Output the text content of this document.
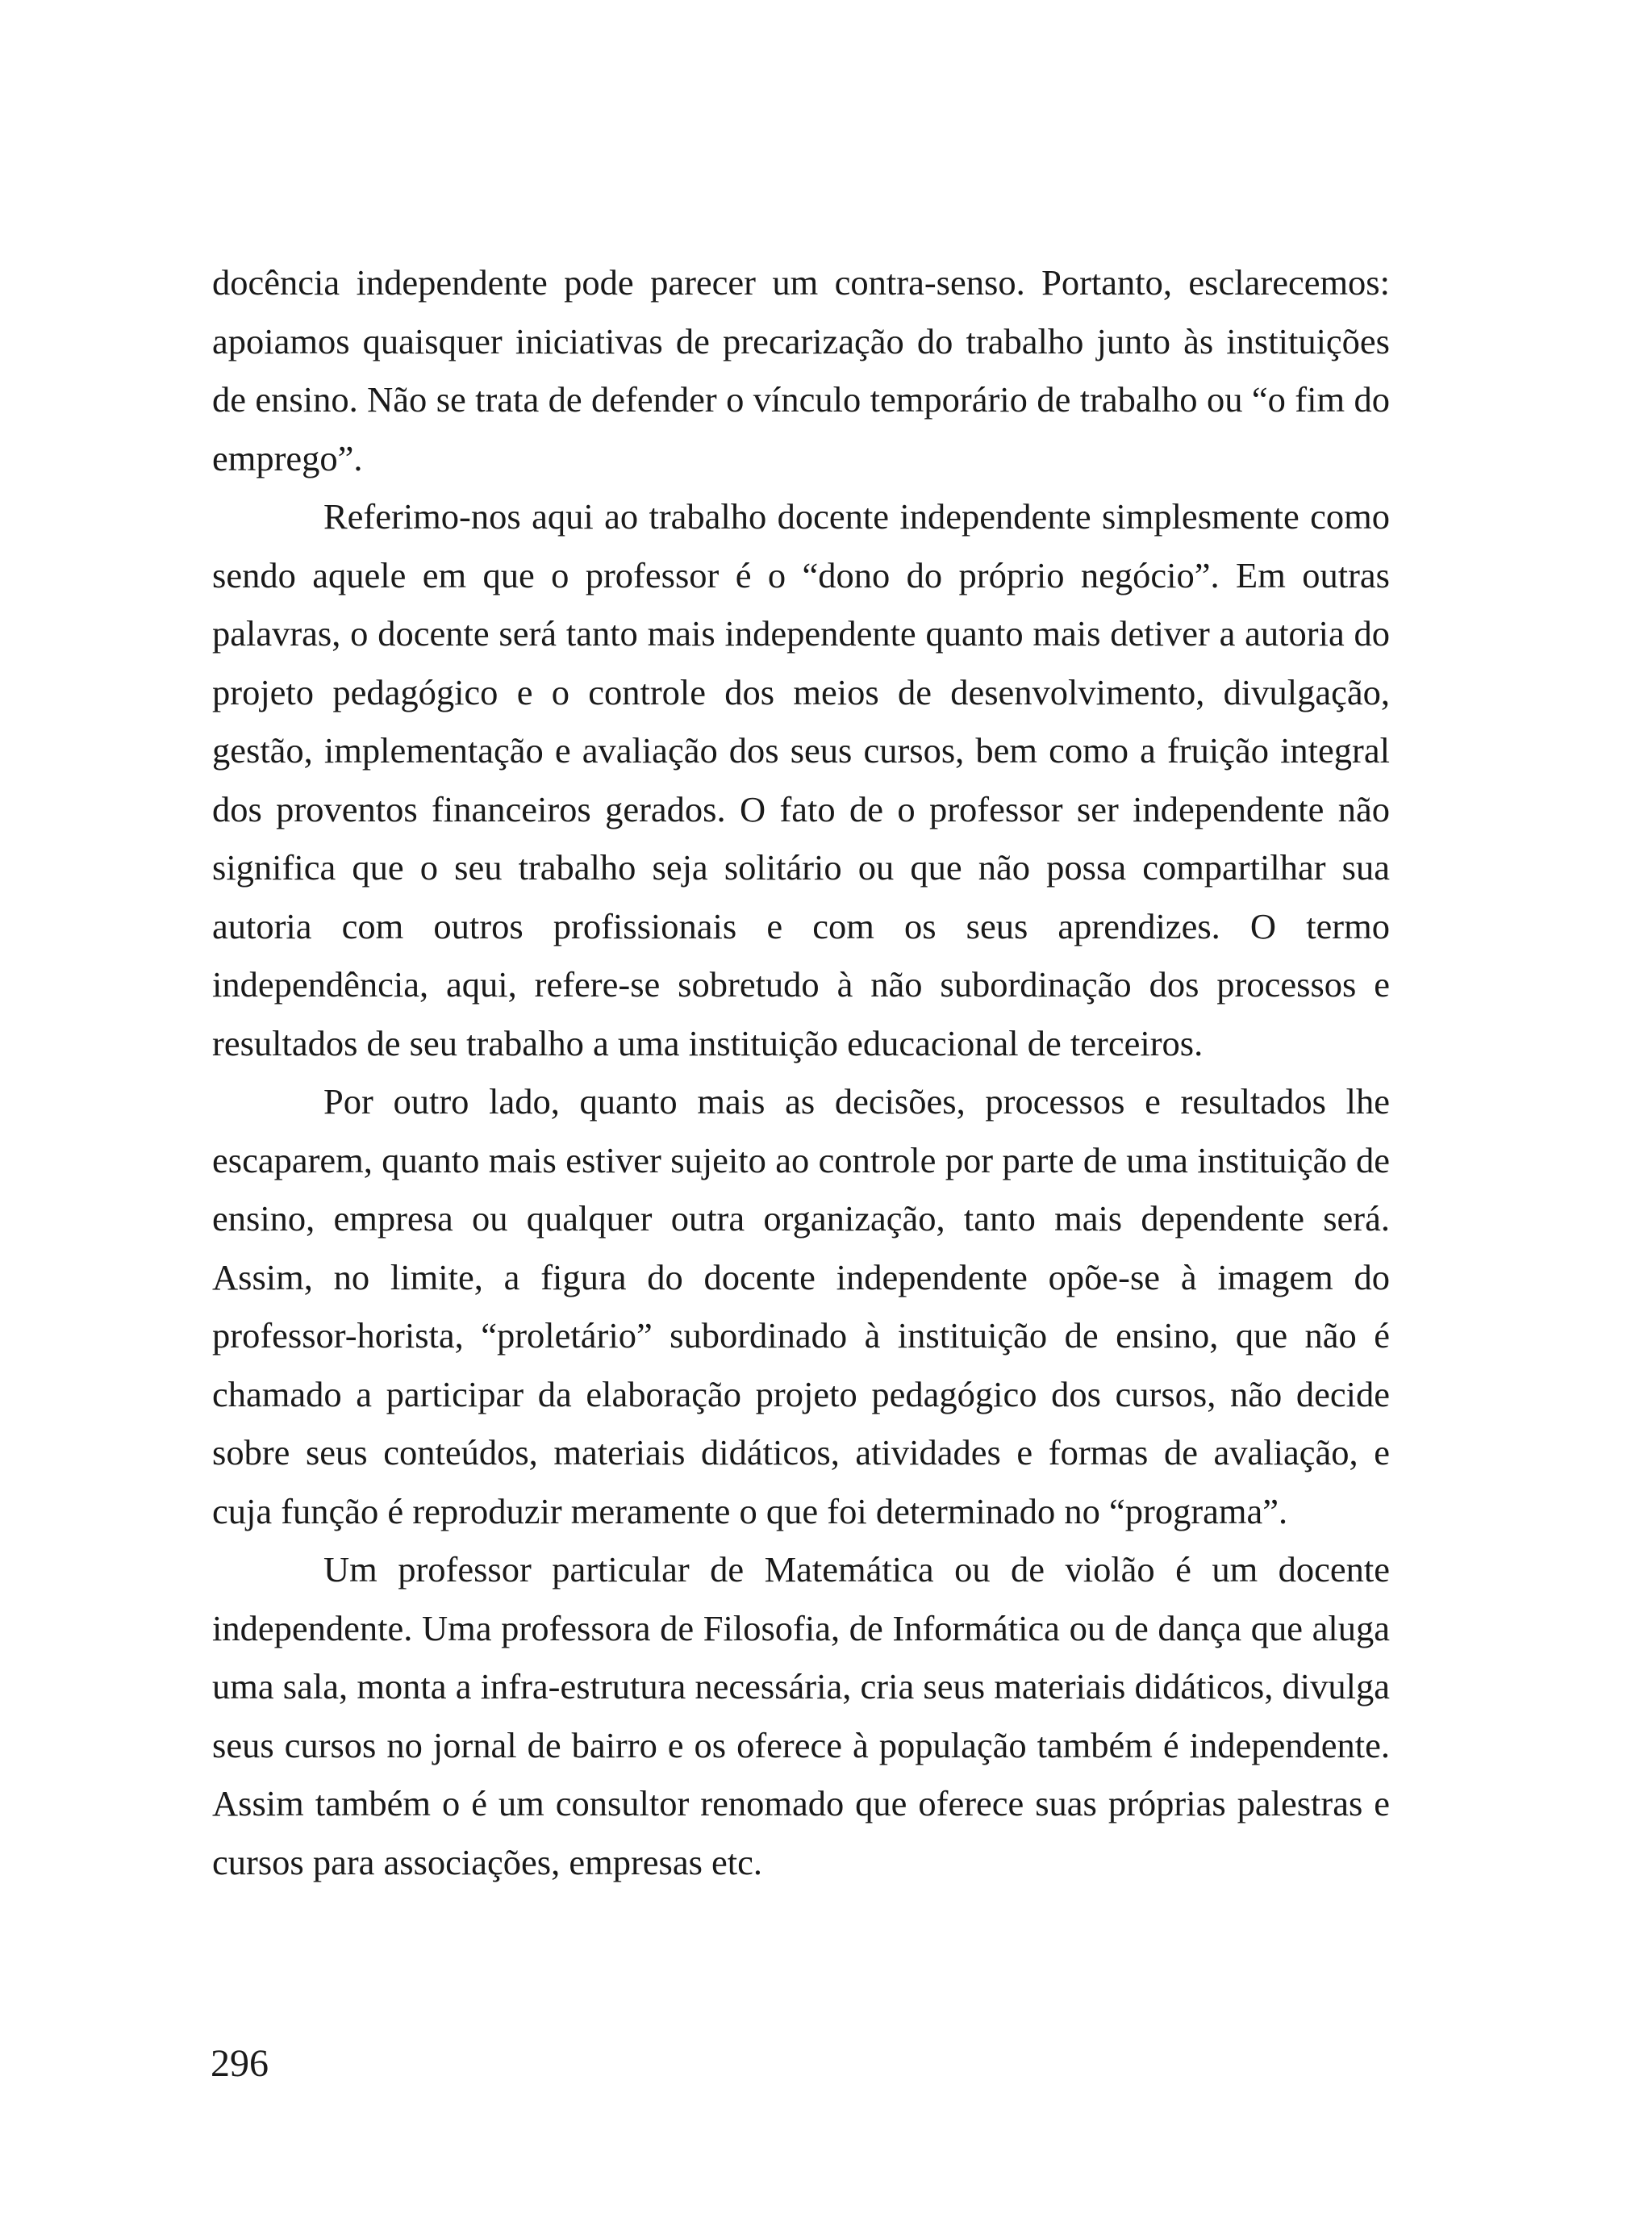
docência independente pode parecer um contra-senso. Portanto, esclarecemos: apoiamos quaisquer iniciativas de precarização do trabalho junto às instituições de ensino. Não se trata de defender o vínculo temporário de trabalho ou “o fim do emprego”.

Referimo-nos aqui ao trabalho docente independente simplesmente como sendo aquele em que o professor é o “dono do próprio negócio”. Em outras palavras, o docente será tanto mais independente quanto mais detiver a autoria do projeto pedagógico e o controle dos meios de desenvolvimento, divulgação, gestão, implementação e avaliação dos seus cursos, bem como a fruição integral dos proventos financeiros gerados. O fato de o professor ser independente não significa que o seu trabalho seja solitário ou que não possa compartilhar sua autoria com outros profissionais e com os seus aprendizes. O termo independência, aqui, refere-se sobretudo à não subordinação dos processos e resultados de seu trabalho a uma instituição educacional de terceiros.

Por outro lado, quanto mais as decisões, processos e resultados lhe escaparem, quanto mais estiver sujeito ao controle por parte de uma instituição de ensino, empresa ou qualquer outra organização, tanto mais dependente será. Assim, no limite, a figura do docente independente opõe-se à imagem do professor-horista, “proletário” subordinado à instituição de ensino, que não é chamado a participar da elaboração projeto pedagógico dos cursos, não decide sobre seus conteúdos, materiais didáticos, atividades e formas de avaliação, e cuja função é reproduzir meramente o que foi determinado no “programa”.

Um professor particular de Matemática ou de violão é um docente independente. Uma professora de Filosofia, de Informática ou de dança que aluga uma sala, monta a infra-estrutura necessária, cria seus materiais didáticos, divulga seus cursos no jornal de bairro e os oferece à população também é independente. Assim também o é um consultor renomado que oferece suas próprias palestras e cursos para associações, empresas etc.

296
